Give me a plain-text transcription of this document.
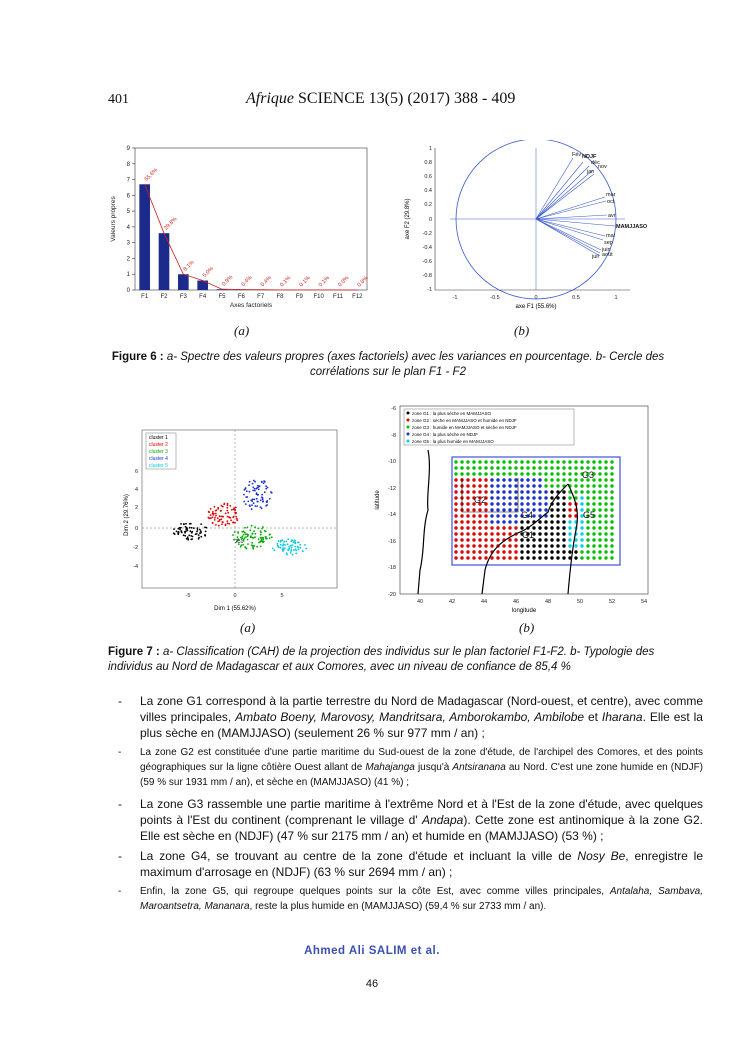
401	Afrique SCIENCE 13(5) (2017) 388 - 409
0
1
2
3
4
5
6
7
8
9
F1
55.6%
F2
29.8%
F3
8.1%
F4
5.0%
F5
0.9%
F6
0.4%
F7
0.4%
F8
0.1%
F9
0.1%
F10
0.1%
F11
0.0%
F12
0.0%
Axes factoriels
Valeurs propres
NDJF
Fév
déc
nov
jan
mar
oct
avr
MAMJJASO
mai
sep
juin
août
juil
1
0.8
0.6
0.4
0.2
0
-0.2
-0.4
-0.6
-0.8
-1
-1	-0.5	0	0.5	1
axe F1 (55.6%)
axe F2 (29.8%)
(a)	(b)
Figure 6 : a- Spectre des valeurs propres (axes factoriels) avec les variances en pourcentage. b- Cercle des corrélations sur le plan F1 - F2
231
cluster 1
cluster 2
cluster 3
cluster 4
cluster 5
6
4
2
0
-2
-4
-5	0	5
Dim 1 (55.62%)
Dim 2 (29.76%)
zone G1 : la plus sèche en MAMJJASO
zone G2 : sèche en MAMJJASO et humide en NDJF
zone G3 : humide en MAMJJASO et sèche en NDJF
zone G4 : la plus sèche en NDJF
zone G5 : la plus humide en MAMJJASO
G1
G2
G3
G4	G5
-6
-8
-10
-12
-14
-16
-18
-20
40	42	44	46	48	50	52	54
longitude
latitude
(a)	(b)
Figure 7 : a- Classification (CAH) de la projection des individus sur le plan factoriel F1-F2. b- Typologie des individus au Nord de Madagascar et aux Comores, avec un niveau de confiance de 85,4 %
- La zone G1 correspond à la partie terrestre du Nord de Madagascar (Nord-ouest, et centre), avec comme villes principales, Ambato Boeny, Marovosy, Mandritsara, Amborokambo, Ambilobe et Iharana. Elle est la plus sèche en (MAMJJASO) (seulement 26 % sur 977 mm / an) ;
- La zone G2 est constituée d'une partie maritime du Sud-ouest de la zone d'étude, de l'archipel des Comores, et des points géographiques sur la ligne côtière Ouest allant de Mahajanga jusqu'à Antsiranana au Nord. C'est une zone humide en (NDJF) (59 % sur 1931 mm / an), et sèche en (MAMJJASO) (41 %) ;
- La zone G3 rassemble une partie maritime à l'extrême Nord et à l'Est de la zone d'étude, avec quelques points à l'Est du continent (comprenant le village d' Andapa). Cette zone est antinomique à la zone G2. Elle est sèche en (NDJF) (47 % sur 2175 mm / an) et humide en (MAMJJASO) (53 %) ;
- La zone G4, se trouvant au centre de la zone d'étude et incluant la ville de Nosy Be, enregistre le maximum d'arrosage en (NDJF) (63 % sur 2694 mm / an) ;
- Enfin, la zone G5, qui regroupe quelques points sur la côte Est, avec comme villes principales, Antalaha, Sambava, Maroantsetra, Mananara, reste la plus humide en (MAMJJASO) (59,4 % sur 2733 mm / an).
Ahmed Ali SALIM et al.
46
